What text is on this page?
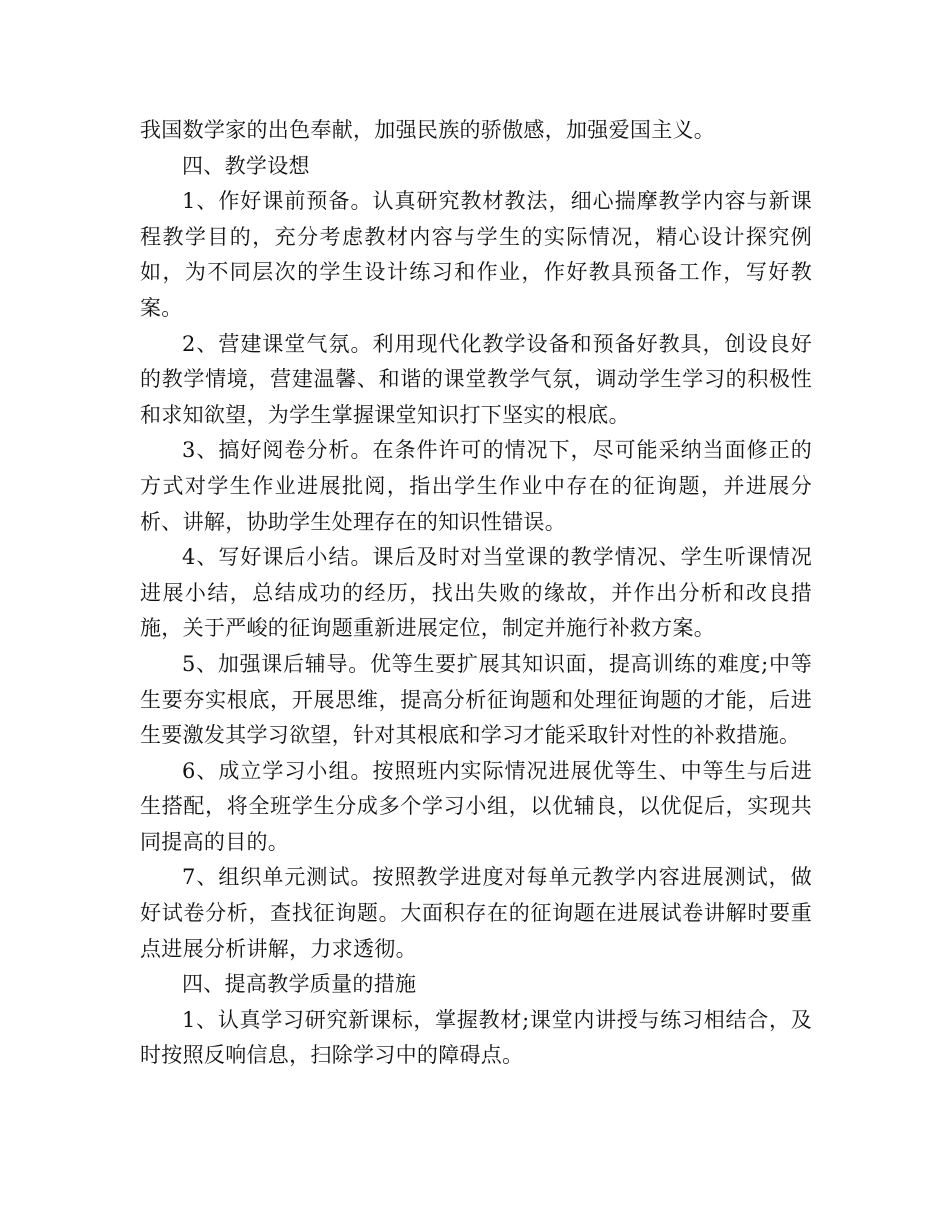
我国数学家的出色奉献，加强民族的骄傲感，加强爱国主义。

四、教学设想

1、作好课前预备。认真研究教材教法，细心揣摩教学内容与新课程教学目的，充分考虑教材内容与学生的实际情况，精心设计探究例如，为不同层次的学生设计练习和作业，作好教具预备工作，写好教案。

2、营建课堂气氛。利用现代化教学设备和预备好教具，创设良好的教学情境，营建温馨、和谐的课堂教学气氛，调动学生学习的积极性和求知欲望，为学生掌握课堂知识打下坚实的根底。

3、搞好阅卷分析。在条件许可的情况下，尽可能采纳当面修正的方式对学生作业进展批阅，指出学生作业中存在的征询题，并进展分析、讲解，协助学生处理存在的知识性错误。

4、写好课后小结。课后及时对当堂课的教学情况、学生听课情况进展小结，总结成功的经历，找出失败的缘故，并作出分析和改良措施，关于严峻的征询题重新进展定位，制定并施行补救方案。

5、加强课后辅导。优等生要扩展其知识面，提高训练的难度;中等生要夯实根底，开展思维，提高分析征询题和处理征询题的才能，后进生要激发其学习欲望，针对其根底和学习才能采取针对性的补救措施。

6、成立学习小组。按照班内实际情况进展优等生、中等生与后进生搭配，将全班学生分成多个学习小组，以优辅良，以优促后，实现共同提高的目的。

7、组织单元测试。按照教学进度对每单元教学内容进展测试，做好试卷分析，查找征询题。大面积存在的征询题在进展试卷讲解时要重点进展分析讲解，力求透彻。

四、提高教学质量的措施

1、认真学习研究新课标，掌握教材;课堂内讲授与练习相结合，及时按照反响信息，扫除学习中的障碍点。
